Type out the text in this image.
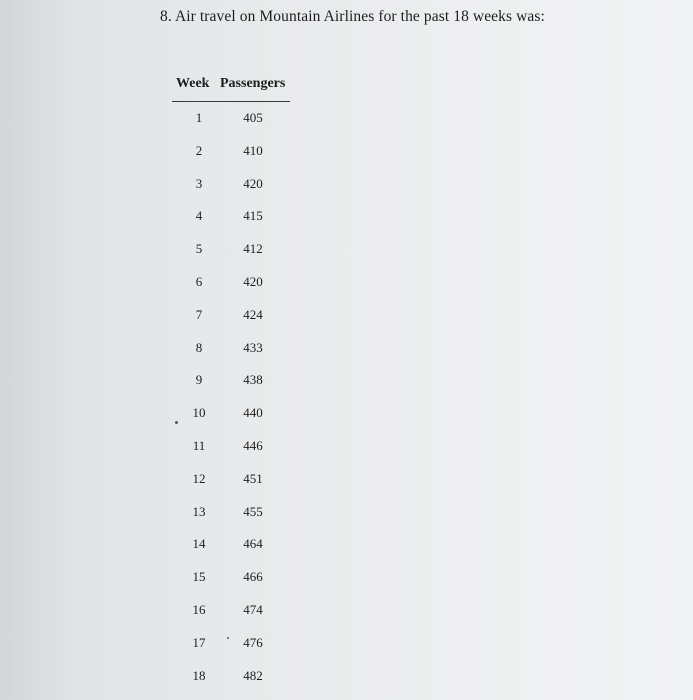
8. Air travel on Mountain Airlines for the past 18 weeks was:
Week Passengers
1	405
2	410
3	420
4	415
5	412
6	420
7	424
8	433
9	438
10	440
11	446
12	451
13	455
14	464
15	466
16	474
17	476
18	482
